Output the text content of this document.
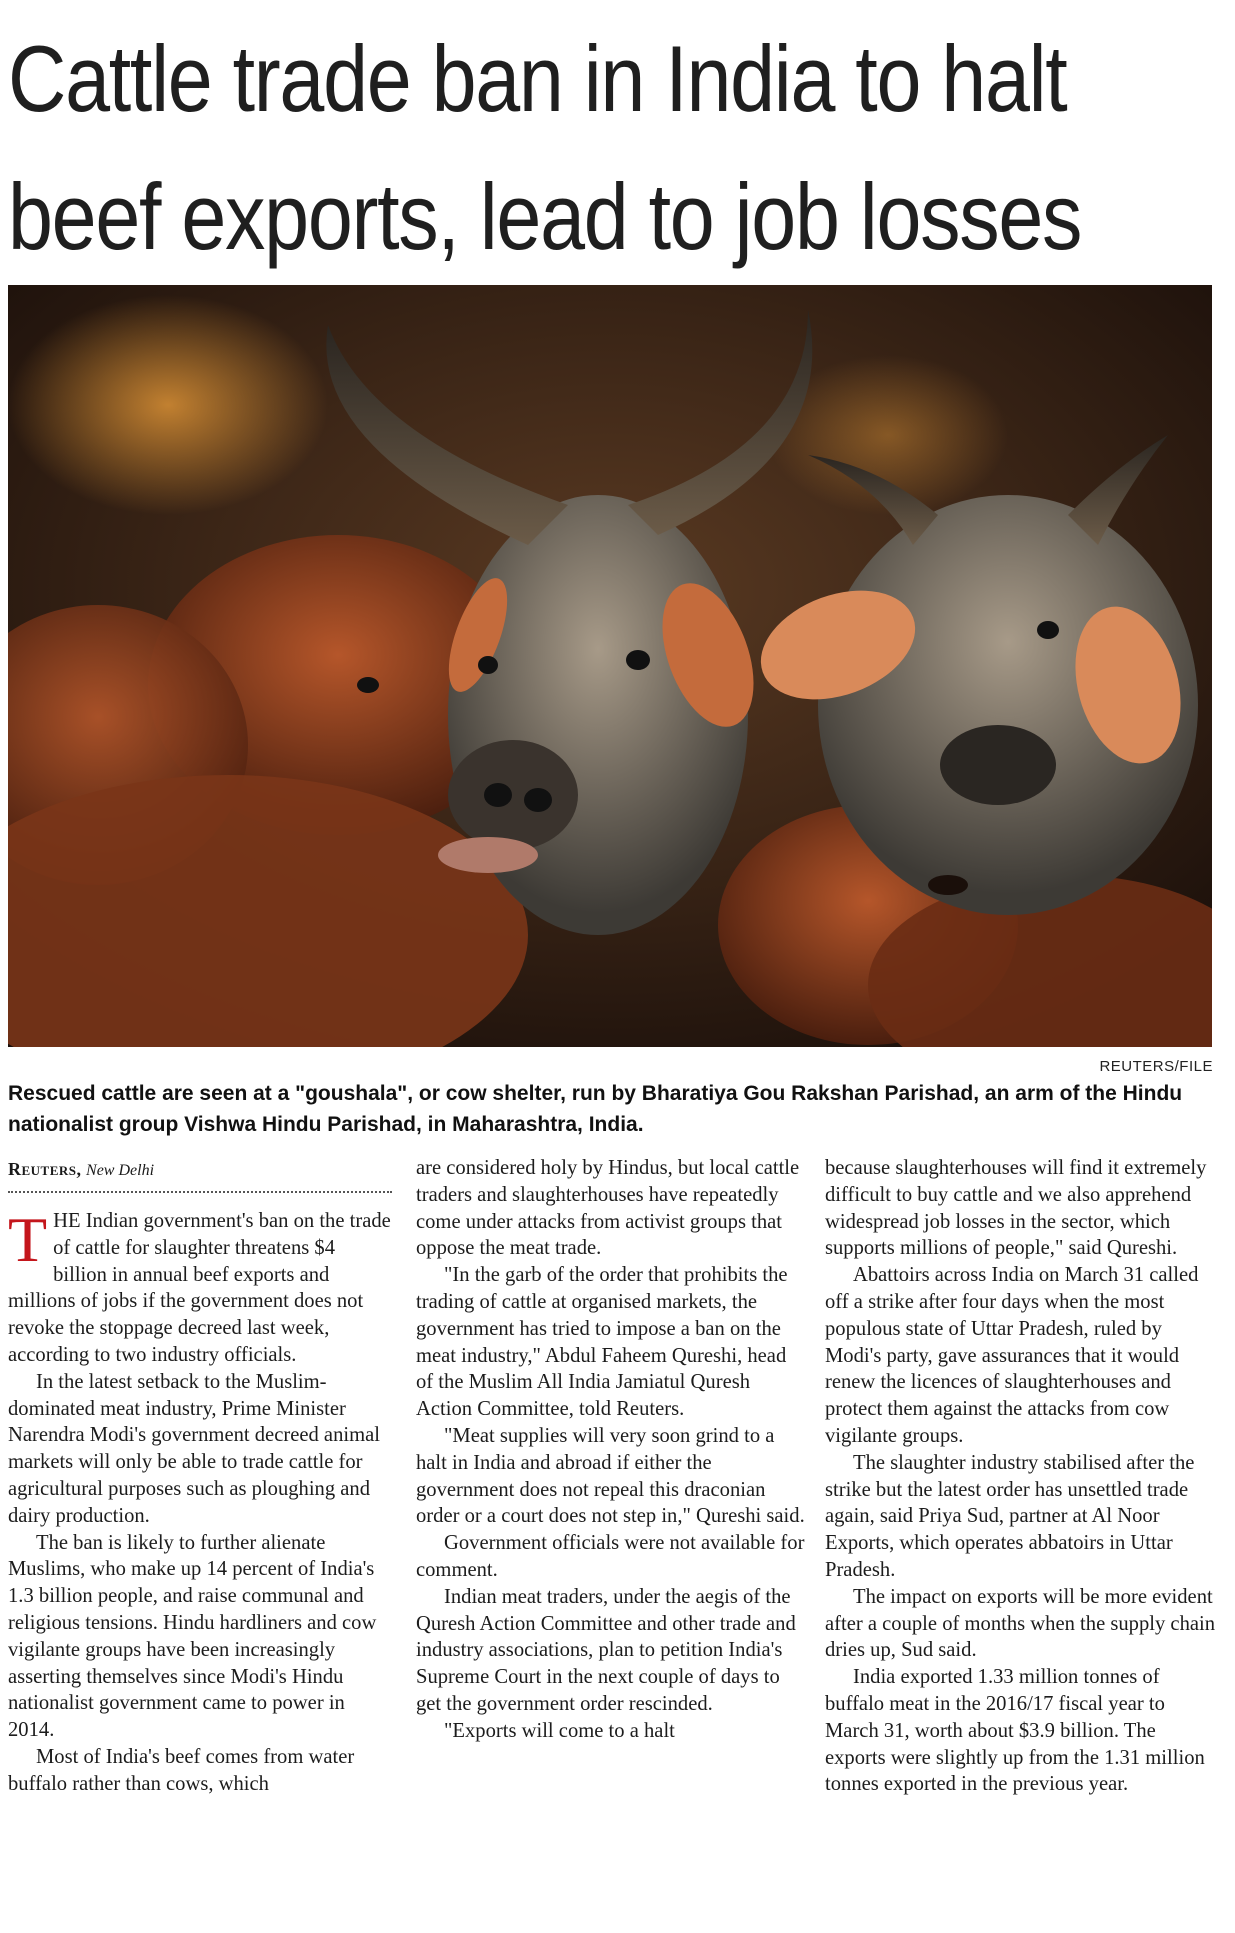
Cattle trade ban in India to halt
beef exports, lead to job losses
REUTERS/FILE

Rescued cattle are seen at a "goushala", or cow shelter, run by Bharatiya Gou Rakshan Parishad, an arm of the Hindu nationalist group Vishwa Hindu Parishad, in Maharashtra, India.

Reuters, New Delhi

THE Indian government's ban on the trade of cattle for slaughter threatens $4 billion in annual beef exports and millions of jobs if the government does not revoke the stoppage decreed last week, according to two industry officials.

In the latest setback to the Muslim-dominated meat industry, Prime Minister Narendra Modi's government decreed animal markets will only be able to trade cattle for agricultural purposes such as ploughing and dairy production.

The ban is likely to further alienate Muslims, who make up 14 percent of India's 1.3 billion people, and raise communal and religious tensions. Hindu hardliners and cow vigilante groups have been increasingly asserting themselves since Modi's Hindu nationalist government came to power in 2014.

Most of India's beef comes from water buffalo rather than cows, which

are considered holy by Hindus, but local cattle traders and slaughterhouses have repeatedly come under attacks from activist groups that oppose the meat trade.

"In the garb of the order that prohibits the trading of cattle at organised markets, the government has tried to impose a ban on the meat industry," Abdul Faheem Qureshi, head of the Muslim All India Jamiatul Quresh Action Committee, told Reuters.

"Meat supplies will very soon grind to a halt in India and abroad if either the government does not repeal this draconian order or a court does not step in," Qureshi said.

Government officials were not available for comment.

Indian meat traders, under the aegis of the Quresh Action Committee and other trade and industry associations, plan to petition India's Supreme Court in the next couple of days to get the government order rescinded.

"Exports will come to a halt

because slaughterhouses will find it extremely difficult to buy cattle and we also apprehend widespread job losses in the sector, which supports millions of people," said Qureshi.

Abattoirs across India on March 31 called off a strike after four days when the most populous state of Uttar Pradesh, ruled by Modi's party, gave assurances that it would renew the licences of slaughterhouses and protect them against the attacks from cow vigilante groups.

The slaughter industry stabilised after the strike but the latest order has unsettled trade again, said Priya Sud, partner at Al Noor Exports, which operates abbatoirs in Uttar Pradesh.

The impact on exports will be more evident after a couple of months when the supply chain dries up, Sud said.

India exported 1.33 million tonnes of buffalo meat in the 2016/17 fiscal year to March 31, worth about $3.9 billion. The exports were slightly up from the 1.31 million tonnes exported in the previous year.
